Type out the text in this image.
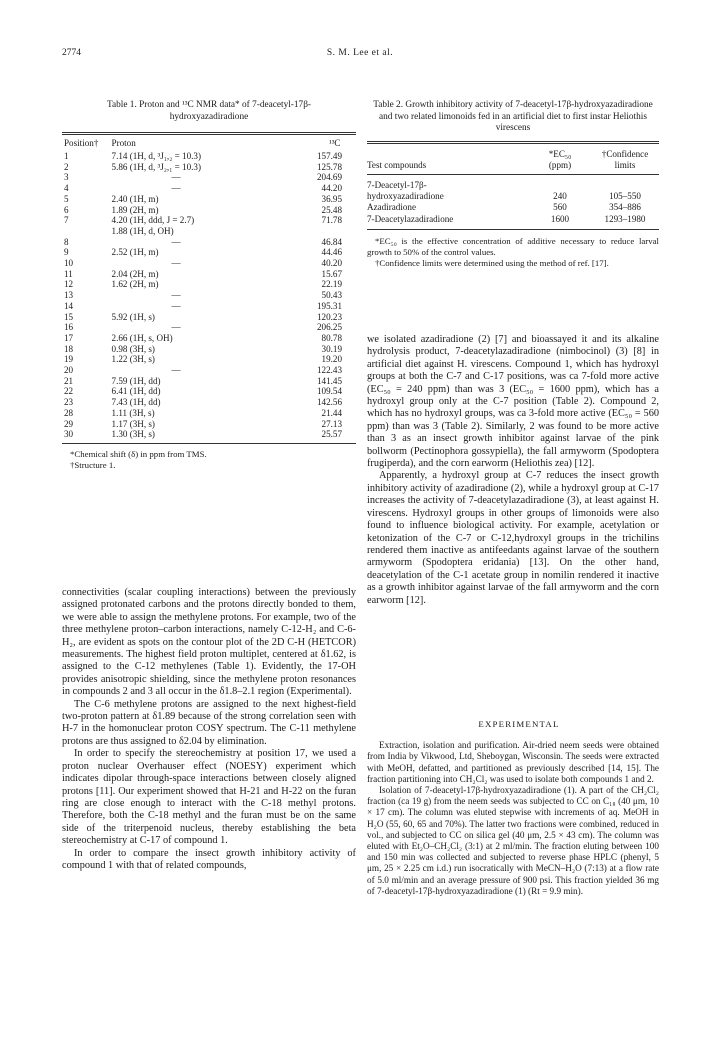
2774	S. M. Lee et al.

Table 1. Proton and ¹³C NMR data* of 7-deacetyl-17β-hydroxyazadiradione

Position†	Proton	¹³C
1	7.14 (1H, d, ³J₁,₂ = 10.3)	157.49
2	5.86 (1H, d, ³J₂,₁ = 10.3)	125.78
3	—	204.69
4	—	44.20
5	2.40 (1H, m)	36.95
6	1.89 (2H, m)	25.48
7	4.20 (1H, ddd, J = 2.7)	71.78
	1.88 (1H, d, OH)	
8	—	46.84
9	2.52 (1H, m)	44.46
10	—	40.20
11	2.04 (2H, m)	15.67
12	1.62 (2H, m)	22.19
13	—	50.43
14	—	195.31
15	5.92 (1H, s)	120.23
16	—	206.25
17	2.66 (1H, s, OH)	80.78
18	0.98 (3H, s)	30.19
19	1.22 (3H, s)	19.20
20	—	122.43
21	7.59 (1H, dd)	141.45
22	6.41 (1H, dd)	109.54
23	7.43 (1H, dd)	142.56
28	1.11 (3H, s)	21.44
29	1.17 (3H, s)	27.13
30	1.30 (3H, s)	25.57

*Chemical shift (δ) in ppm from TMS.

†Structure 1.

connectivities (scalar coupling interactions) between the previously assigned protonated carbons and the protons directly bonded to them, we were able to assign the methylene protons. For example, two of the three methylene proton–carbon interactions, namely C-12-H₂ and C-6-H₂, are evident as spots on the contour plot of the 2D C-H (HETCOR) measurements. The highest field proton multiplet, centered at δ1.62, is assigned to the C-12 methylenes (Table 1). Evidently, the 17-OH provides anisotropic shielding, since the methylene proton resonances in compounds 2 and 3 all occur in the δ1.8–2.1 region (Experimental).

The C-6 methylene protons are assigned to the next highest-field two-proton pattern at δ1.89 because of the strong correlation seen with H-7 in the homonuclear proton COSY spectrum. The C-11 methylene protons are thus assigned to δ2.04 by elimination.

In order to specify the stereochemistry at position 17, we used a proton nuclear Overhauser effect (NOESY) experiment which indicates dipolar through-space interactions between closely aligned protons [11]. Our experiment showed that H-21 and H-22 on the furan ring are close enough to interact with the C-18 methyl protons. Therefore, both the C-18 methyl and the furan must be on the same side of the triterpenoid nucleus, thereby establishing the beta stereochemistry at C-17 of compound 1.

In order to compare the insect growth inhibitory activity of compound 1 with that of related compounds,

Table 2. Growth inhibitory activity of 7-deacetyl-17β-hydroxyazadiradione and two related limonoids fed in an artificial diet to first instar Heliothis virescens

	*EC₅₀	†Confidence
Test compounds	(ppm)	limits
7-Deacetyl-17β-		
hydroxyazadiradione	240	105–550
Azadiradione	560	354–886
7-Deacetylazadiradione	1600	1293–1980

*EC₅₀ is the effective concentration of additive necessary to reduce larval growth to 50% of the control values.

†Confidence limits were determined using the method of ref. [17].

we isolated azadiradione (2) [7] and bioassayed it and its alkaline hydrolysis product, 7-deacetylazadiradione (nimbocinol) (3) [8] in artificial diet against H. virescens. Compound 1, which has hydroxyl groups at both the C-7 and C-17 positions, was ca 7-fold more active (EC₅₀ = 240 ppm) than was 3 (EC₅₀ = 1600 ppm), which has a hydroxyl group only at the C-7 position (Table 2). Compound 2, which has no hydroxyl groups, was ca 3-fold more active (EC₅₀ = 560 ppm) than was 3 (Table 2). Similarly, 2 was found to be more active than 3 as an insect growth inhibitor against larvae of the pink bollworm (Pectinophora gossypiella), the fall armyworm (Spodoptera frugiperda), and the corn earworm (Heliothis zea) [12].

Apparently, a hydroxyl group at C-7 reduces the insect growth inhibitory activity of azadiradione (2), while a hydroxyl group at C-17 increases the activity of 7-deacetylazadiradione (3), at least against H. virescens. Hydroxyl groups in other groups of limonoids were also found to influence biological activity. For example, acetylation or ketonization of the C-7 or C-12,hydroxyl groups in the trichilins rendered them inactive as antifeedants against larvae of the southern armyworm (Spodoptera eridania) [13]. On the other hand, deacetylation of the C-1 acetate group in nomilin rendered it inactive as a growth inhibitor against larvae of the fall armyworm and the corn earworm [12].

EXPERIMENTAL

Extraction, isolation and purification. Air-dried neem seeds were obtained from India by Vikwood, Ltd, Sheboygan, Wisconsin. The seeds were extracted with MeOH, defatted, and partitioned as previously described [14, 15]. The fraction partitioning into CH₂Cl₂ was used to isolate both compounds 1 and 2.

Isolation of 7-deacetyl-17β-hydroxyazadiradione (1). A part of the CH₂Cl₂ fraction (ca 19 g) from the neem seeds was subjected to CC on C₁₈ (40 μm, 10 × 17 cm). The column was eluted stepwise with increments of aq. MeOH in H₂O (55, 60, 65 and 70%). The latter two fractions were combined, reduced in vol., and subjected to CC on silica gel (40 μm, 2.5 × 43 cm). The column was eluted with Et₂O–CH₂Cl₂ (3:1) at 2 ml/min. The fraction eluting between 100 and 150 min was collected and subjected to reverse phase HPLC (phenyl, 5 μm, 25 × 2.25 cm i.d.) run isocratically with MeCN–H₂O (7:13) at a flow rate of 5.0 ml/min and an average pressure of 900 psi. This fraction yielded 36 mg of 7-deacetyl-17β-hydroxyazadiradione (1) (Rt = 9.9 min).
